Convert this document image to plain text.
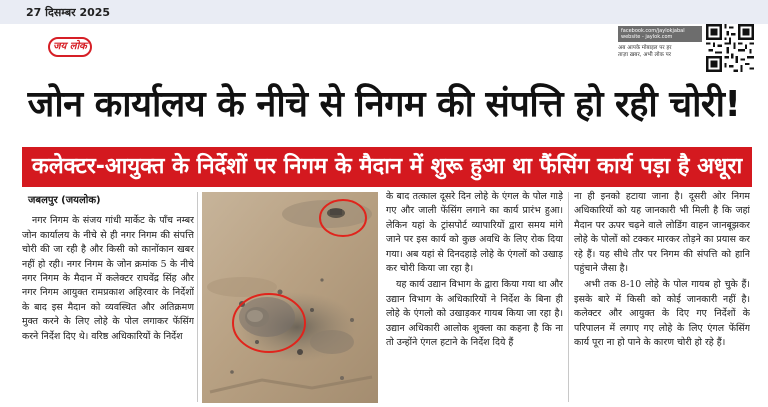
27 दिसम्बर 2025
जय लोक
facebook.com/jaylokjabal
website - jaylok.com
अब आपके मोबाइल पर हर
ताज़ा ख़बर, अभी लोक पर
जोन कार्यालय के नीचे से निगम की संपत्ति हो रही चोरी!
कलेक्टर-आयुक्त के निर्देशों पर निगम के मैदान में शुरू हुआ था फैंसिंग कार्य पड़ा है अधूरा

जबलपुर (जयलोक)

नगर निगम के संजय गांधी मार्केट के पाँच नम्बर जोन कार्यालय के नीचे से ही नगर निगम की संपत्ति चोरी की जा रही है और किसी को कानोंकान खबर नहीं हो रही। नगर निगम के जोन क्रमांक 5 के नीचे नगर निगम के मैदान में कलेक्टर राघवेंद्र सिंह और नगर निगम आयुक्त रामप्रकाश अहिरवार के निर्देशों के बाद इस मैदान को व्यवस्थित और अतिक्रमण मुक्त करने के लिए लोहे के पोल लगाकर फेंसिंग करने निर्देश दिए थे। वरिष्ठ अधिकारियों के निर्देश

के बाद तत्काल दूसरे दिन लोहे के एंगल के पोल गाड़े गए और जाली फेंसिंग लगाने का कार्य प्रारंभ हुआ। लेकिन यहां के ट्रांसपोर्ट व्यापारियों द्वारा समय मांगे जाने पर इस कार्य को कुछ अवधि के लिए रोक दिया गया। अब यहां से दिनदहाड़े लोहे के एंगलों को उखाड़ कर चोरी किया जा रहा है।

यह कार्य उद्यान विभाग के द्वारा किया गया था और उद्यान विभाग के अधिकारियों ने निर्देश के बिना ही लोहे के एंगलो को उखाड़कर गायब किया जा रहा है। उद्यान अधिकारी आलोक शुक्ला का कहना है कि ना तो उन्होंने एंगल हटाने के निर्देश दिये हैं

ना ही इनको हटाया जाना है। दूसरी ओर निगम अधिकारियों को यह जानकारी भी मिली है कि जहां मैदान पर ऊपर चढ़ने वाले लोडिंग वाहन जानबूझकर लोहे के पोलों को टक्कर मारकर तोड़ने का प्रयास कर रहे हैं। यह सीधे तौर पर निगम की संपत्ति को हानि पहुंचाने जैसा है।

अभी तक 8-10 लोहे के पोल गायब हो चुके हैं। इसके बारे में किसी को कोई जानकारी नहीं है। कलेक्टर और आयुक्त के दिए गए निर्देशों के परिपालन में लगाए गए लोहे के लिए एंगल फेंसिंग कार्य पूरा ना हो पाने के कारण चोरी हो रहे हैं।
